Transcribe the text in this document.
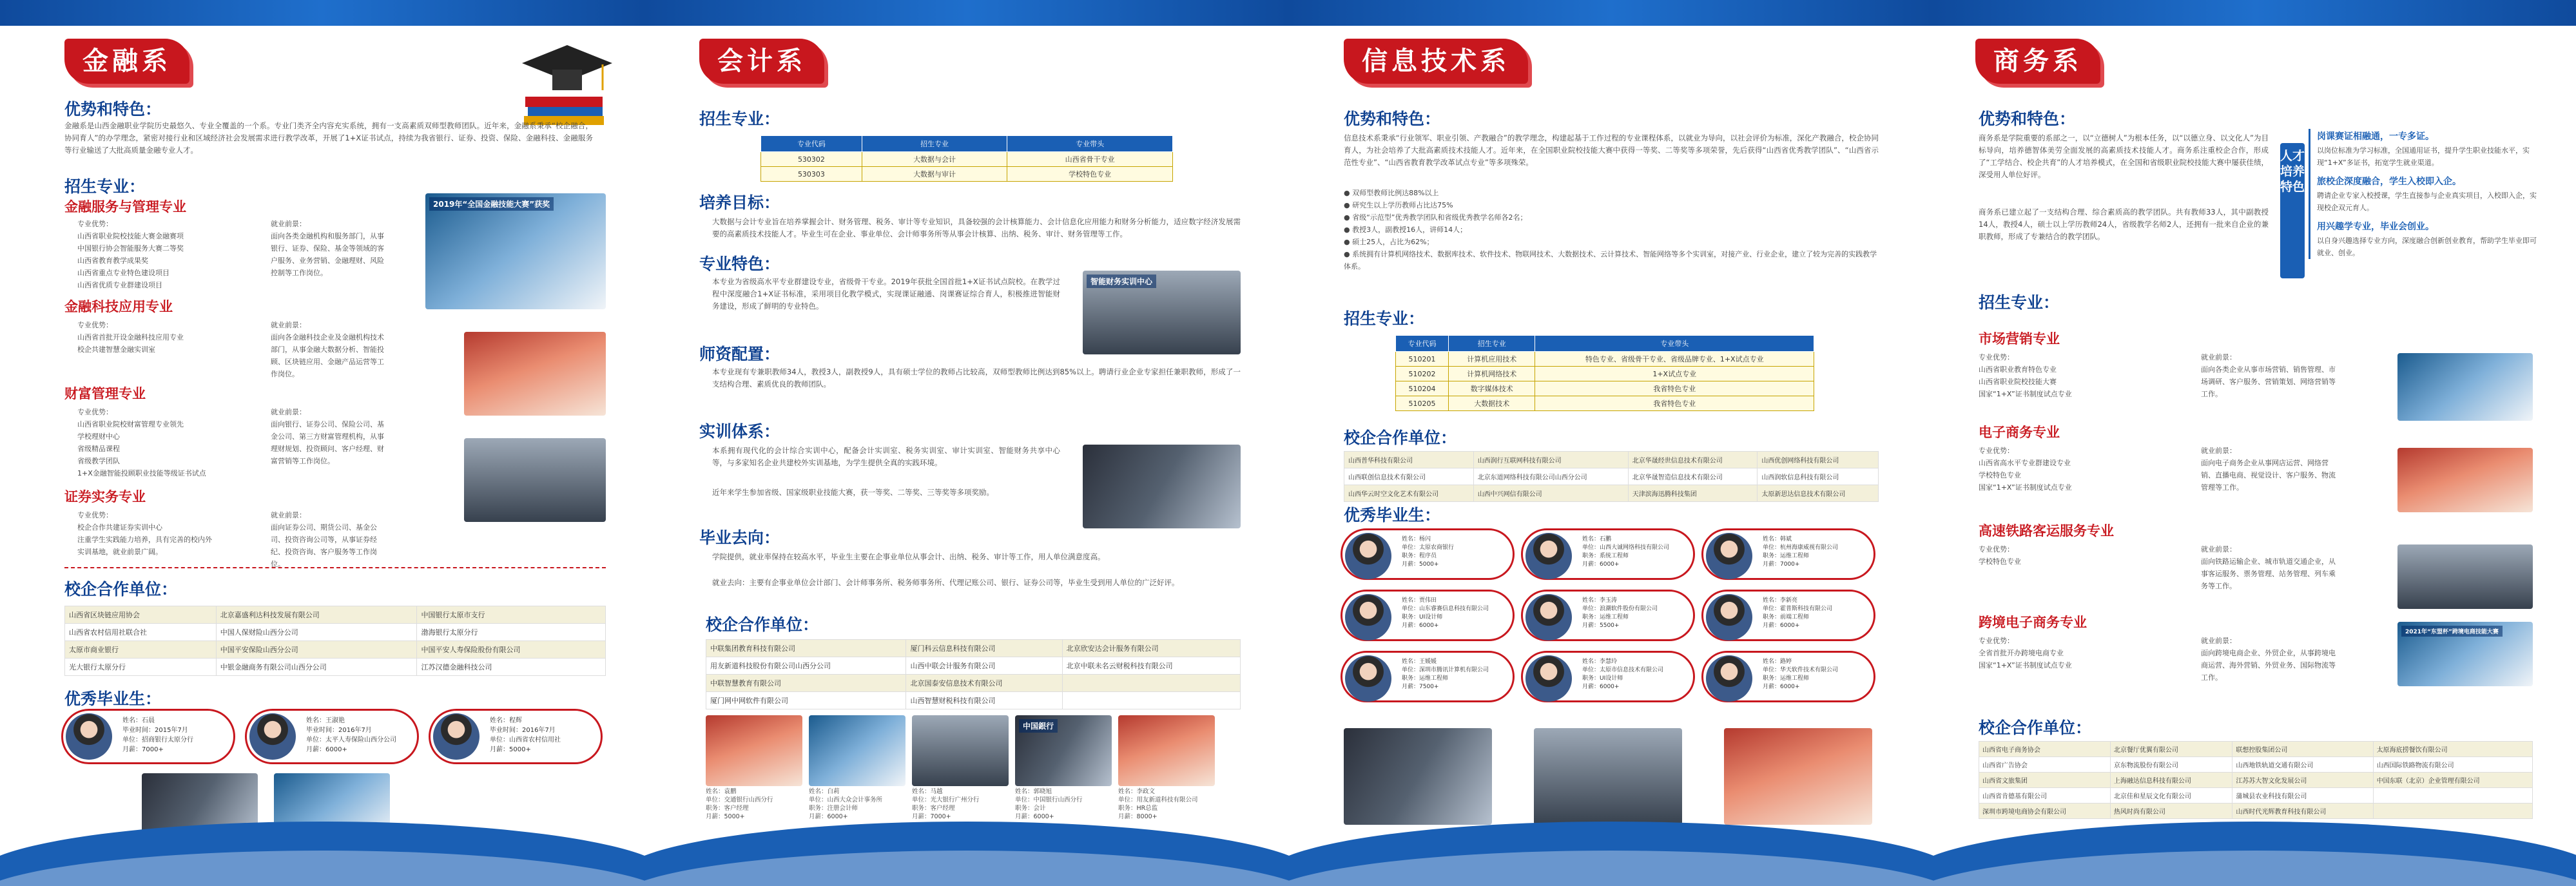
金融系
优势和特色：
金融系是山西金融职业学院历史最悠久、专业全覆盖的一个系。专业门类齐全内容充实系统，拥有一支高素质双师型教师团队。近年来，金融系秉承“校企融合，协同育人”的办学理念，紧密对接行业和区域经济社会发展需求进行教学改革，开展了1+X证书试点，持续为我省银行、证券、投资、保险、金融科技、金融服务等行业输送了大批高质量金融专业人才。
招生专业：
金融服务与管理专业
专业优势：
山西省职业院校技能大赛金融赛项
中国银行协会智能服务大赛二等奖
山西省教育教学成果奖
山西省重点专业特色建设项目
山西省优质专业群建设项目
就业前景：
面向各类金融机构和服务部门，从事银行、证券、保险、基金等领域的客户服务、业务营销、金融理财、风险控制等工作岗位。
2019年“全国金融技能大赛”获奖
金融科技应用专业
专业优势：
山西省首批开设金融科技应用专业
校企共建智慧金融实训室
就业前景：
面向各金融科技企业及金融机构技术部门，从事金融大数据分析、智能投顾、区块链应用、金融产品运营等工作岗位。
财富管理专业
专业优势：
山西省职业院校财富管理专业领先
学校理财中心
省级精品课程
省级教学团队
1+X金融智能投顾职业技能等级证书试点
就业前景：
面向银行、证券公司、保险公司、基金公司、第三方财富管理机构，从事理财规划、投资顾问、客户经理、财富营销等工作岗位。
证券实务专业
专业优势：
校企合作共建证券实训中心
注重学生实践能力培养，具有完善的校内外实训基地，就业前景广阔。
就业前景：
面向证券公司、期货公司、基金公司、投资咨询公司等，从事证券经纪、投资咨询、客户服务等工作岗位。
校企合作单位：
山西省区块链应用协会	北京嘉盛利达科技发展有限公司	中国银行太原市支行
山西省农村信用社联合社	中国人保财险山西分公司	渤海银行太原分行
太原市商业银行	中国平安保险山西分公司	中国平安人寿保险股份有限公司
光大银行太原分行	中银金融商务有限公司山西分公司	江苏汉德金融科技公司
优秀毕业生：
姓名：石晨
毕业时间：2015年7月
单位：招商银行太原分行
月薪：7000+
姓名：王淑艳
毕业时间：2016年7月
单位：太平人寿保险山西分公司
月薪：6000+
姓名：程辉
毕业时间：2016年7月
单位：山西省农村信用社
月薪：5000+
会计系
招生专业：
专业代码	招生专业	专业带头
530302	大数据与会计	山西省骨干专业
530303	大数据与审计	学校特色专业
培养目标：
大数据与会计专业旨在培养掌握会计、财务管理、税务、审计等专业知识，具备较强的会计核算能力、会计信息化应用能力和财务分析能力，适应数字经济发展需要的高素质技术技能人才。毕业生可在企业、事业单位、会计师事务所等从事会计核算、出纳、税务、审计、财务管理等工作。
专业特色：
本专业为省级高水平专业群建设专业，省级骨干专业。2019年获批全国首批1+X证书试点院校。在教学过程中深度融合1+X证书标准，采用项目化教学模式，实现课证融通、岗课赛证综合育人，积极推进智能财务建设，形成了鲜明的专业特色。
智能财务实训中心
师资配置：
本专业现有专兼职教师34人，教授3人，副教授9人，具有硕士学位的教师占比较高，双师型教师比例达到85%以上。聘请行业企业专家担任兼职教师，形成了一支结构合理、素质优良的教师团队。
实训体系：
本系拥有现代化的会计综合实训中心，配备会计实训室、税务实训室、审计实训室、智能财务共享中心等，与多家知名企业共建校外实训基地，为学生提供全真的实践环境。
近年来学生参加省级、国家级职业技能大赛，获一等奖、二等奖、三等奖等多项奖励。
毕业去向：
学院提供，就业率保持在较高水平，毕业生主要在企事业单位从事会计、出纳、税务、审计等工作，用人单位满意度高。
就业去向：主要有企事业单位会计部门、会计师事务所、税务师事务所、代理记账公司、银行、证券公司等，毕业生受到用人单位的广泛好评。
校企合作单位：
中联集团教育科技有限公司	厦门科云信息科技有限公司	北京欣安达会计服务有限公司
用友新道科技股份有限公司山西分公司	山西中联会计服务有限公司	北京中联未名云财税科技有限公司
中联智慧教育有限公司	北京国泰安信息技术有限公司	
厦门网中网软件有限公司	山西智慧财税科技有限公司	
中国銀行
姓名：袁鹏
单位：交通银行山西分行
职务：客户经理
月薪：5000+
姓名：白莉
单位：山西大众会计事务所
职务：注册会计师
月薪：6000+
姓名：马越
单位：光大银行广州分行
职务：客户经理
月薪：7000+
姓名：郭晓旭
单位：中国银行山西分行
职务：会计
月薪：6000+
姓名：李政文
单位：用友新道科技有限公司
职务：HR总监
月薪：8000+
信息技术系
优势和特色：
信息技术系秉承“行业领军、职业引领、产教融合”的教学理念，构建起基于工作过程的专业课程体系，以就业为导向，以社会评价为标准，深化产教融合，校企协同育人，为社会培养了大批高素质技术技能人才。近年来，在全国职业院校技能大赛中获得一等奖、二等奖等多项荣誉，先后获得“山西省优秀教学团队”、“山西省示范性专业”、“山西省教育教学改革试点专业”等多项殊荣。
● 双师型教师比例达88%以上
● 研究生以上学历教师占比达75%
● 省级“示范型”优秀教学团队和省级优秀教学名师各2名；
● 教授3人，副教授16人，讲师14人；
● 硕士25人，占比为62%；
● 系统拥有计算机网络技术、数据库技术、软件技术、物联网技术、大数据技术、云计算技术、智能网络等多个实训室，对接产业、行业企业，建立了较为完善的实践教学体系。
招生专业：
专业代码	招生专业	专业带头
510201	计算机应用技术	特色专业、省级骨干专业、省级品牌专业、1+X试点专业
510202	计算机网络技术	1+X试点专业
510204	数字媒体技术	我省特色专业
510205	大数据技术	我省特色专业
校企合作单位：
山西普华科技有限公司	山西润行互联网科技有限公司	北京华晟经世信息技术有限公司	山西优创网络科技有限公司
山西联创信息技术有限公司	北京东道网络科技有限公司山西分公司	北京华晟智造信息技术有限公司	山西润软信息科技有限公司
山西华云时空文化艺术有限公司	山西中兴网信有限公司	天津滨海迅腾科技集团	太原新思达信息技术有限公司
优秀毕业生：
姓名：杨闪
单位：太原农商银行
职务：程序员
月薪：5000+
姓名：石鹏
单位：山西大诚网络科技有限公司
职务：系统工程师
月薪：6000+
姓名：韩斌
单位：杭州海康威视有限公司
职务：运维工程师
月薪：7000+
姓名：贾伟田
单位：山东睿赛信息科技有限公司
职务：UI设计师
月薪：6000+
姓名：李玉涛
单位：浪潮软件股份有限公司
职务：运维工程师
月薪：5500+
姓名：李新亮
单位：霍普斯科技有限公司
职务：前端工程师
月薪：6000+
姓名：王媛媛
单位：深圳市腾讯计算机有限公司
职务：运维工程师
月薪：7500+
姓名：李慧玲
单位：太原市信息技术有限公司
职务：UI设计师
月薪：6000+
姓名：路婷
单位：华天软件技术有限公司
职务：运维工程师
月薪：6000+
商务系
优势和特色：
商务系是学院重要的系部之一，以“立德树人”为根本任务，以“以德立身、以文化人”为目标导向，培养德智体美劳全面发展的高素质技术技能人才。商务系注重校企合作，形成了“工学结合、校企共育”的人才培养模式，在全国和省级职业院校技能大赛中屡获佳绩，深受用人单位好评。
商务系已建立起了一支结构合理、综合素质高的教学团队。共有教师33人，其中副教授14人，教授4人，硕士以上学历教师24人，省级教学名师2人，还拥有一批来自企业的兼职教师，形成了专兼结合的教学团队。
人才培养特色
岗课赛证相融通，一专多证。
以岗位标准为学习标准，全国通用证书，提升学生职业技能水平，实现“1+X”多证书，拓宽学生就业渠道。
旅校企深度融合，学生入校即入企。
聘请企业专家入校授课，学生直接参与企业真实项目，入校即入企，实现校企双元育人。
用兴趣学专业，毕业会创业。
以自身兴趣选择专业方向，深度融合创新创业教育，帮助学生毕业即可就业、创业。
招生专业：
市场营销专业
专业优势：
山西省职业教育特色专业
山西省职业院校技能大赛
国家“1+X”证书制度试点专业
就业前景：
面向各类企业从事市场营销、销售管理、市场调研、客户服务、营销策划、网络营销等工作。
电子商务专业
专业优势：
山西省高水平专业群建设专业
学校特色专业
国家“1+X”证书制度试点专业
就业前景：
面向电子商务企业从事网店运营、网络营销、直播电商、视觉设计、客户服务、物流管理等工作。
高速铁路客运服务专业
专业优势：
学校特色专业
就业前景：
面向铁路运输企业、城市轨道交通企业，从事客运服务、票务管理、站务管理、列车乘务等工作。
跨境电子商务专业
专业优势：
全省首批开办跨境电商专业
国家“1+X”证书制度试点专业
就业前景：
面向跨境电商企业、外贸企业，从事跨境电商运营、海外营销、外贸业务、国际物流等工作。
2021年“东盟杯”跨境电商技能大赛
校企合作单位：
山西省电子商务协会	北京餐厅优翼有限公司	联想控股集团公司	太原海底捞餐饮有限公司
山西省广告协会	京东物流股份有限公司	山西地铁轨道交通有限公司	山西国际铁路物流有限公司
山西省文旅集团	上海融达信息科技有限公司	江苏苏大智文化发展公司	中国东联（北京）企业管理有限公司
山西省肯德基有限公司	北京佳和星辰文化有限公司	蒲城县农业科技有限公司	
深圳市跨境电商协会有限公司	热风时尚有限公司	山西时代光辉教育科技有限公司	
